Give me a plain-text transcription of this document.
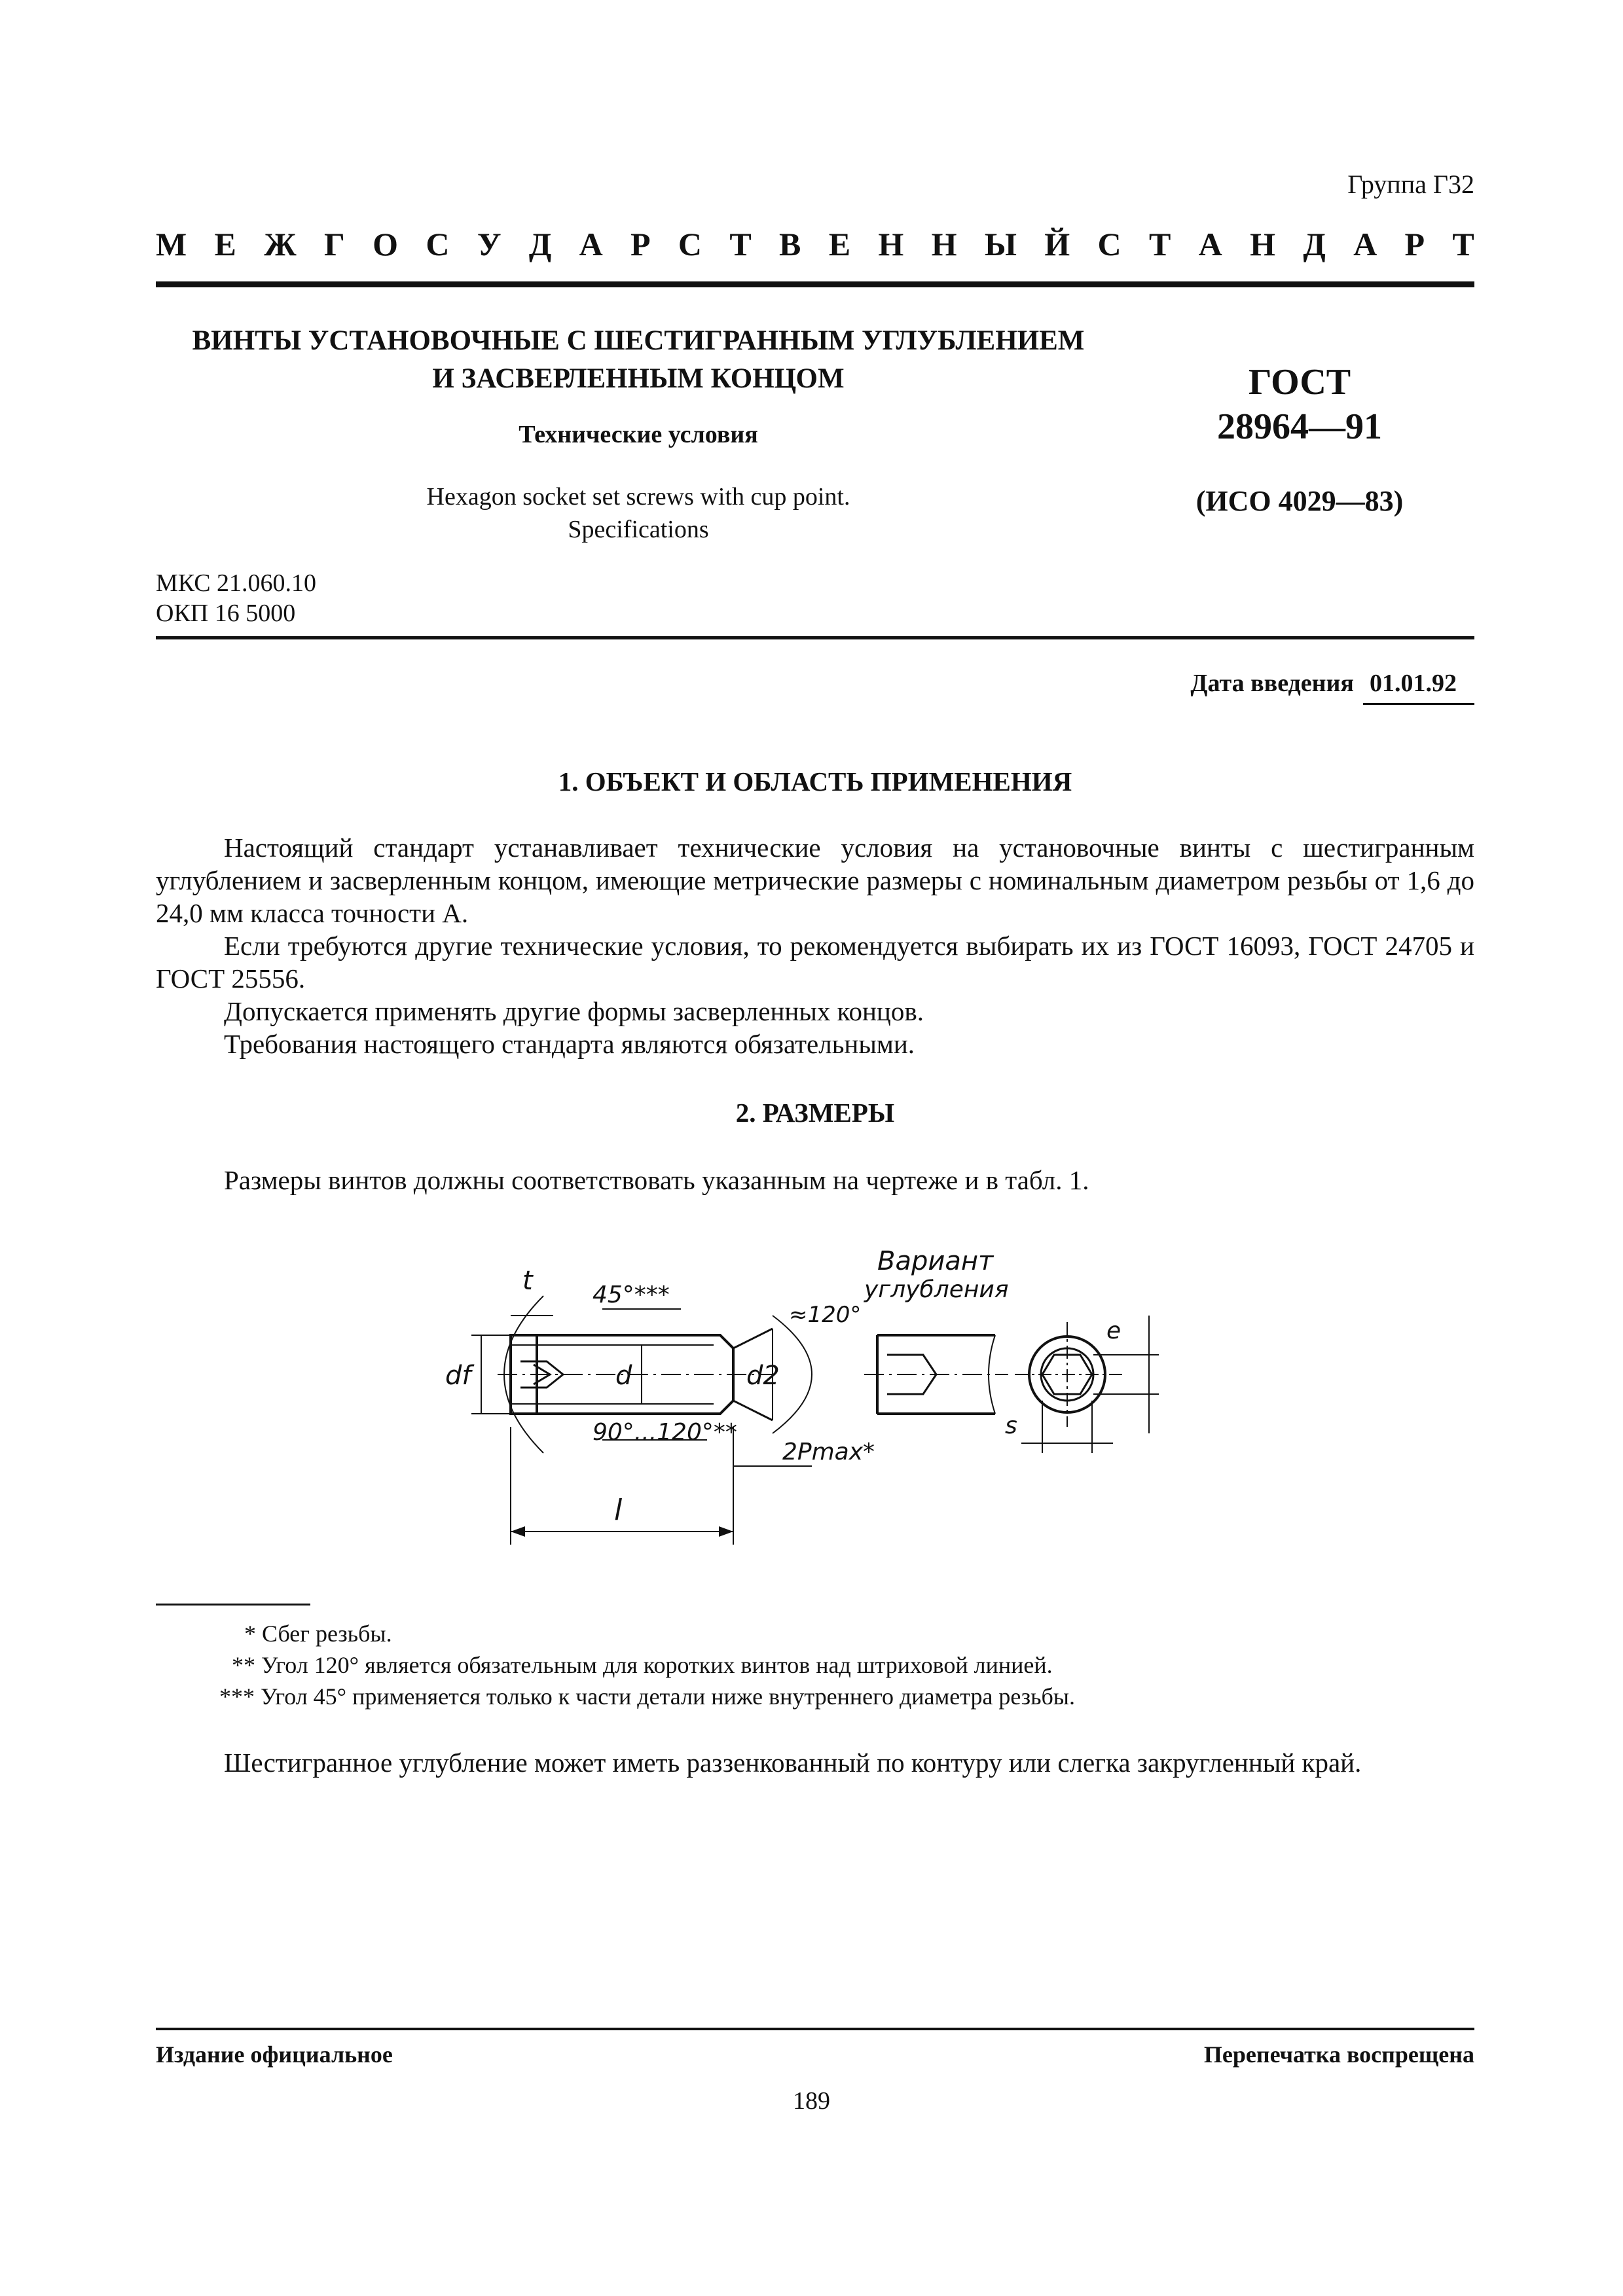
Группа Г32
М Е Ж Г О С У Д А Р С Т В Е Н Н Ы Й С Т А Н Д А Р Т
ВИНТЫ УСТАНОВОЧНЫЕ С ШЕСТИГРАННЫМ УГЛУБЛЕНИЕМ
И ЗАСВЕРЛЕННЫМ КОНЦОМ
Технические условия
Hexagon socket set screws with cup point.
Specifications
ГОСТ
28964—91
(ИСО 4029—83)
МКС 21.060.10
ОКП 16 5000
Дата введения 01.01.92
1. ОБЪЕКТ И ОБЛАСТЬ ПРИМЕНЕНИЯ

Настоящий стандарт устанавливает технические условия на установочные винты с шестигранным углублением и засверленным концом, имеющие метрические размеры с номинальным диаметром резьбы от 1,6 до 24,0 мм класса точности А.

Если требуются другие технические условия, то рекомендуется выбирать их из ГОСТ 16093, ГОСТ 24705 и ГОСТ 25556.

Допускается применять другие формы засверленных концов.

Требования настоящего стандарта являются обязательными.

2. РАЗМЕРЫ

Размеры винтов должны соответствовать указанным на чертеже и в табл. 1.

Вариант
углубления
t	45°***
≈120°
df	d	d2
90°...120°**
2Pmax*
l
e
s
* Сбег резьбы.
** Угол 120° является обязательным для коротких винтов над штриховой линией.
*** Угол 45° применяется только к части детали ниже внутреннего диаметра резьбы.

Шестигранное углубление может иметь раззенкованный по контуру или слегка закругленный край.

Издание официальное	Перепечатка воспрещена
189
